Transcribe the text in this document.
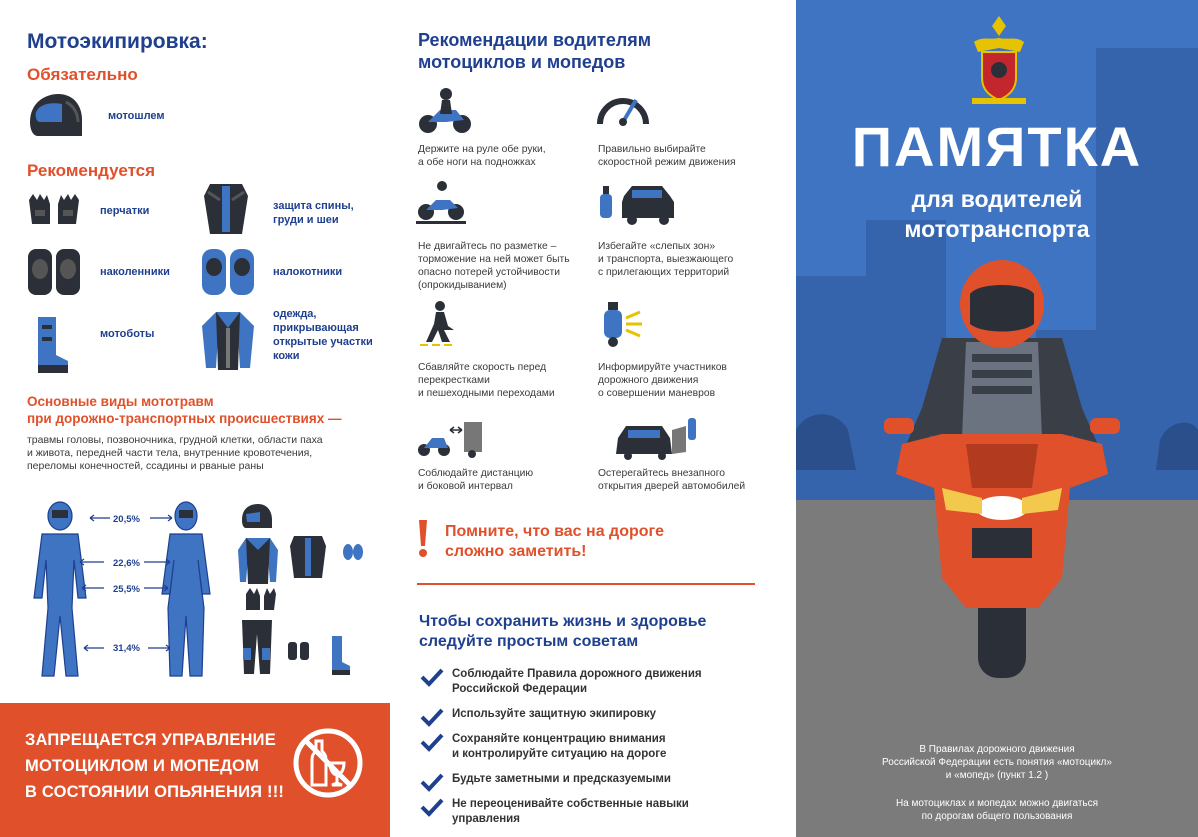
Мотоэкипировка:
Обязательно
мотошлем
Рекомендуется
перчатки	защита спины,
груди и шеи
наколенники	налокотники
мотоботы
одежда,
прикрывающая
открытые участки
кожи
Основные виды мототравм
при дорожно-транспортных происшествиях —
травмы головы, позвоночника, грудной клетки, области паха
и живота, передней части тела, внутренние кровотечения,
переломы конечностей, ссадины и рваные раны
20,5%
22,6%
25,5%
31,4%
ЗАПРЕЩАЕТСЯ УПРАВЛЕНИЕ
МОТОЦИКЛОМ И МОПЕДОМ
В СОСТОЯНИИ ОПЬЯНЕНИЯ !!!
Рекомендации водителям
мотоциклов и мопедов
Держите на руле обе руки,
а обе ноги на подножках
Правильно выбирайте
скоростной режим движения
Не двигайтесь по разметке –
торможение на ней может быть
опасно потерей устойчивости
(опрокидыванием)
Избегайте «слепых зон»
и транспорта, выезжающего
с прилегающих территорий
Сбавляйте скорость перед
перекрестками
и пешеходными переходами
Информируйте участников
дорожного движения
о совершении маневров
Соблюдайте дистанцию
и боковой интервал
Остерегайтесь внезапного
открытия дверей автомобилей
Помните, что вас на дороге
сложно заметить!
Чтобы сохранить жизнь и здоровье
следуйте простым советам
Соблюдайте Правила дорожного движения
Российской Федерации
Используйте защитную экипировку
Сохраняйте концентрацию внимания
и контролируйте ситуацию на дороге
Будьте заметными и предсказуемыми
Не переоценивайте собственные навыки
управления
ПАМЯТКА
для водителей
мототранспорта
В Правилах дорожного движения
Российской Федерации есть понятия «мотоцикл»
и «мопед» (пункт 1.2 )
На мотоциклах и мопедах можно двигаться
по дорогам общего пользования
